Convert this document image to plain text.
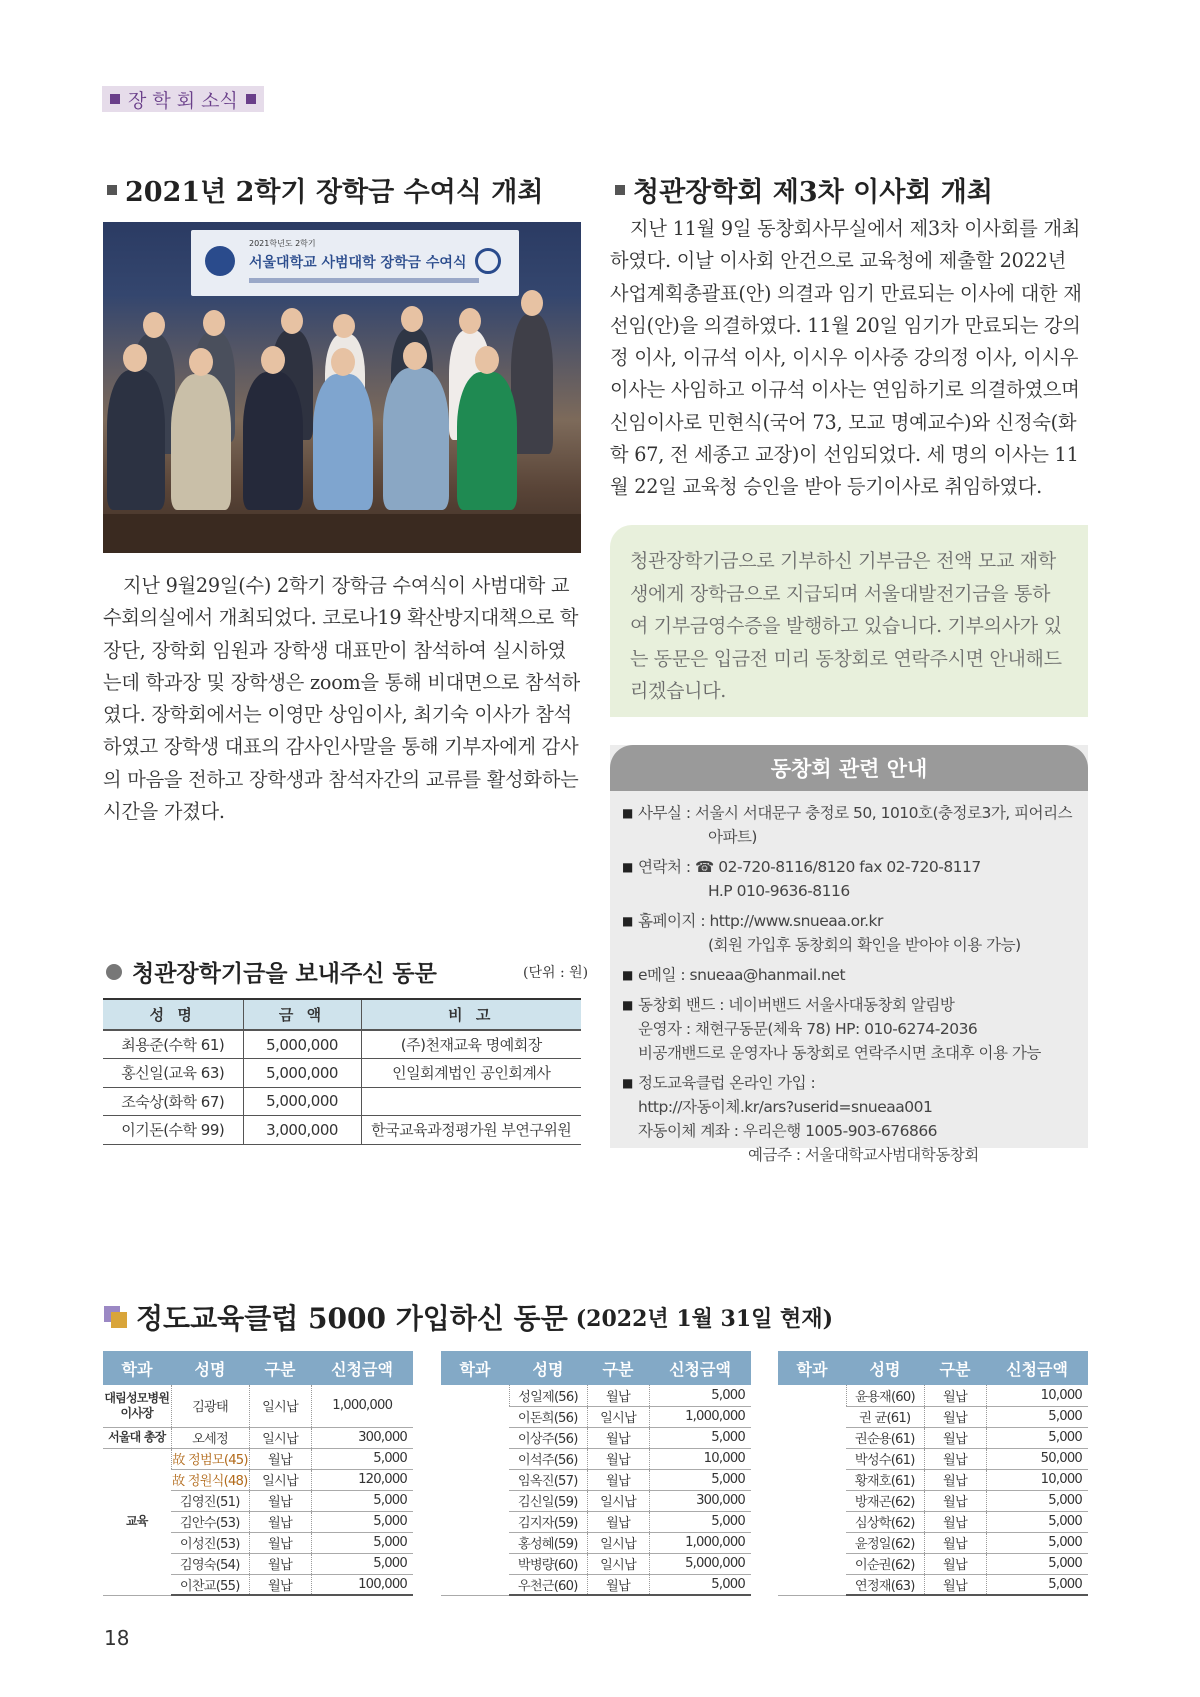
장 학 회 소식
2021년 2학기 장학금 수여식 개최
2021학년도 2학기
서울대학교 사범대학 장학금 수여식

지난 9월29일(수) 2학기 장학금 수여식이 사범대학 교수회의실에서 개최되었다. 코로나19 확산방지대책으로 학장단, 장학회 임원과 장학생 대표만이 참석하여 실시하였는데 학과장 및 장학생은 zoom을 통해 비대면으로 참석하였다. 장학회에서는 이영만 상임이사, 최기숙 이사가 참석하였고 장학생 대표의 감사인사말을 통해 기부자에게 감사의 마음을 전하고 장학생과 참석자간의 교류를 활성화하는 시간을 가졌다.

청관장학회 제3차 이사회 개최

지난 11월 9일 동창회사무실에서 제3차 이사회를 개최하였다. 이날 이사회 안건으로 교육청에 제출할 2022년 사업계획총괄표(안) 의결과 임기 만료되는 이사에 대한 재선임(안)을 의결하였다. 11월 20일 임기가 만료되는 강의정 이사, 이규석 이사, 이시우 이사중 강의정 이사, 이시우 이사는 사임하고 이규석 이사는 연임하기로 의결하였으며 신임이사로 민현식(국어 73, 모교 명예교수)와 신정숙(화학 67, 전 세종고 교장)이 선임되었다. 세 명의 이사는 11월 22일 교육청 승인을 받아 등기이사로 취임하였다.

청관장학기금으로 기부하신 기부금은 전액 모교 재학생에게 장학금으로 지급되며 서울대발전기금을 통하여 기부금영수증을 발행하고 있습니다. 기부의사가 있는 동문은 입금전 미리 동창회로 연락주시면 안내해드리겠습니다.

동창회 관련 안내
■ 사무실 : 서울시 서대문구 충정로 50, 1010호(충정로3가, 피어리스
아파트)
■ 연락처 : ☎ 02-720-8116/8120 fax 02-720-8117
H.P 010-9636-8116
■ 홈페이지 : http://www.snueaa.or.kr
(회원 가입후 동창회의 확인을 받아야 이용 가능)
■ e메일 : snueaa@hanmail.net
■ 동창회 밴드 : 네이버밴드 서울사대동창회 알림방
운영자 : 채현구동문(체육 78) HP: 010-6274-2036
비공개밴드로 운영자나 동창회로 연락주시면 초대후 이용 가능
■ 정도교육클럽 온라인 가입 :
http://자동이체.kr/ars?userid=snueaa001
자동이체 계좌 : 우리은행 1005-903-676866
예금주 : 서울대학교사범대학동창회
청관장학기금을 보내주신 동문	(단위 : 원)
성 명	금 액	비 고
최용준(수학 61)	5,000,000	(주)천재교육 명예회장
홍신일(교육 63)	5,000,000	인일회계법인 공인회계사
조숙상(화학 67)	5,000,000	
이기돈(수학 99)	3,000,000	한국교육과정평가원 부연구위원
정도교육클럽 5000 가입하신 동문 (2022년 1월 31일 현재)
학과	성명	구분	신청금액
대림성모병원 이사장	김광태	일시납	1,000,000
서울대 총장	오세정	일시납	300,000
교육	故 정범모(45)	월납	5,000
	故 정원식(48)	일시납	120,000
	김영진(51)	월납	5,000
	김안수(53)	월납	5,000
	이성진(53)	월납	5,000
	김영숙(54)	월납	5,000
	이찬교(55)	월납	100,000
학과	성명	구분	신청금액
	성일제(56)	월납	5,000
	이돈희(56)	일시납	1,000,000
	이상주(56)	월납	5,000
	이석주(56)	월납	10,000
	임옥진(57)	월납	5,000
	김신일(59)	일시납	300,000
	김지자(59)	월납	5,000
	홍성혜(59)	일시납	1,000,000
	박병량(60)	일시납	5,000,000
	우천근(60)	월납	5,000
학과	성명	구분	신청금액
	윤용재(60)	월납	10,000
	권 균(61)	월납	5,000
	권순용(61)	월납	5,000
	박성수(61)	월납	50,000
	황재호(61)	월납	10,000
	방재곤(62)	월납	5,000
	심상학(62)	월납	5,000
	윤정일(62)	월납	5,000
	이순권(62)	월납	5,000
	연정재(63)	월납	5,000
18
